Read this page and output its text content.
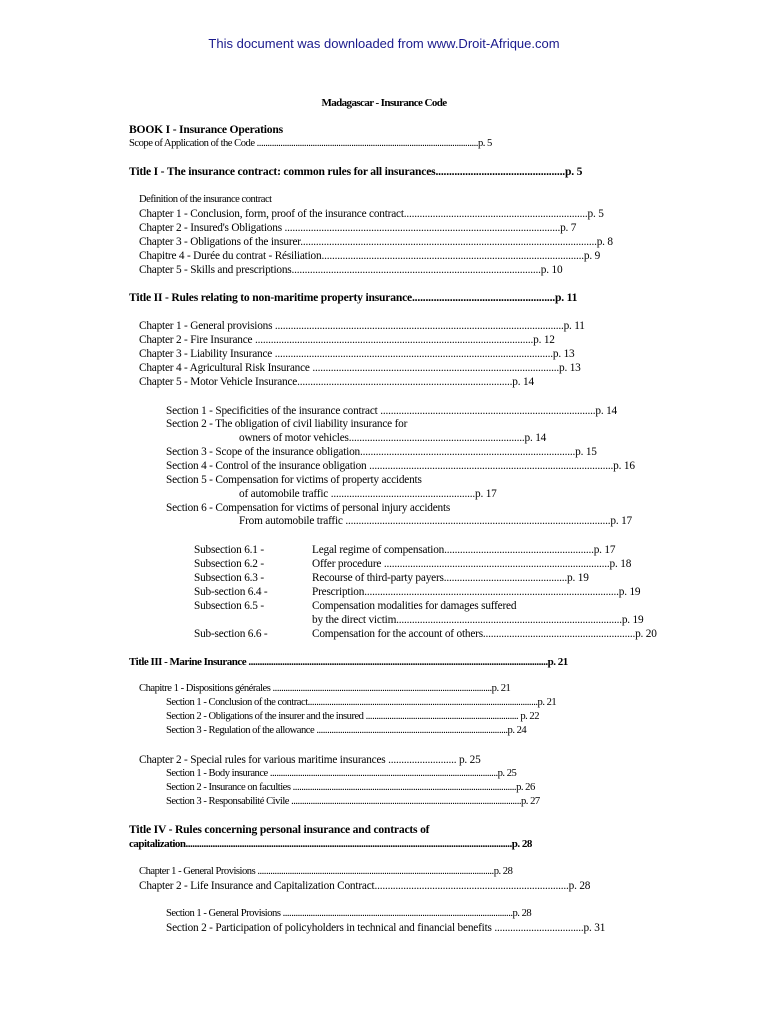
This document was downloaded from www.Droit-Afrique.com
Madagascar - Insurance Code
BOOK I - Insurance Operations
Scope of Application of the Code .......................................................................................................p. 5
Title I - The insurance contract: common rules for all insurances................................................p. 5
Definition of the insurance contract
Chapter 1 - Conclusion, form, proof of the insurance contract......................................................................p. 5
Chapter 2 - Insured's Obligations .........................................................................................................p. 7
Chapter 3 - Obligations of the insurer.................................................................................................................p. 8
Chapitre 4 - Durée du contrat - Résiliation....................................................................................................p. 9
Chapter 5 - Skills and prescriptions...............................................................................................p. 10
Title II - Rules relating to non-maritime property insurance.....................................................p. 11
Chapter 1 - General provisions ..............................................................................................................p. 11
Chapter 2 - Fire Insurance ..........................................................................................................p. 12
Chapter 3 - Liability Insurance ..........................................................................................................p. 13
Chapter 4 - Agricultural Risk Insurance ..............................................................................................p. 13
Chapter 5 - Motor Vehicle Insurance..................................................................................p. 14
Section 1 - Specificities of the insurance contract ..................................................................................p. 14
Section 2 - The obligation of civil liability insurance for
owners of motor vehicles...................................................................p. 14
Section 3 - Scope of the insurance obligation..................................................................................p. 15
Section 4 - Control of the insurance obligation .............................................................................................p. 16
Section 5 - Compensation for victims of property accidents
of automobile traffic .......................................................p. 17
Section 6 - Compensation for victims of personal injury accidents
From automobile traffic .....................................................................................................p. 17
Subsection 6.1 -	Legal regime of compensation.........................................................p. 17
Subsection 6.2 -	Offer procedure ......................................................................................p. 18
Subsection 6.3 -	Recourse of third-party payers...............................................p. 19
Sub-section 6.4 -	Prescription.................................................................................................p. 19
Subsection 6.5 -	Compensation modalities for damages suffered
by the direct victim......................................................................................p. 19
Sub-section 6.6 -	Compensation for the account of others..........................................................p. 20
Title III - Marine Insurance .....................................................................................................................................p. 21
Chapitre 1 - Dispositions générales ......................................................................................................p. 21
Section 1 - Conclusion of the contract...........................................................................................................p. 21
Section 2 - Obligations of the insurer and the insured ....................................................................... p. 22
Section 3 - Regulation of the allowance .........................................................................................p. 24
Chapter 2 - Special rules for various maritime insurances .......................... p. 25
Section 1 - Body insurance ..........................................................................................................p. 25
Section 2 - Insurance on faculties ........................................................................................................p. 26
Section 3 - Responsabilité Civile ...........................................................................................................p. 27
Title IV - Rules concerning personal insurance and contracts of
capitalization.................................................................................................................................................p. 28
Chapter 1 - General Provisions ..............................................................................................................p. 28
Chapter 2 - Life Insurance and Capitalization Contract..........................................................................p. 28
Section 1 - General Provisions ...........................................................................................................p. 28
Section 2 - Participation of policyholders in technical and financial benefits ..................................p. 31
